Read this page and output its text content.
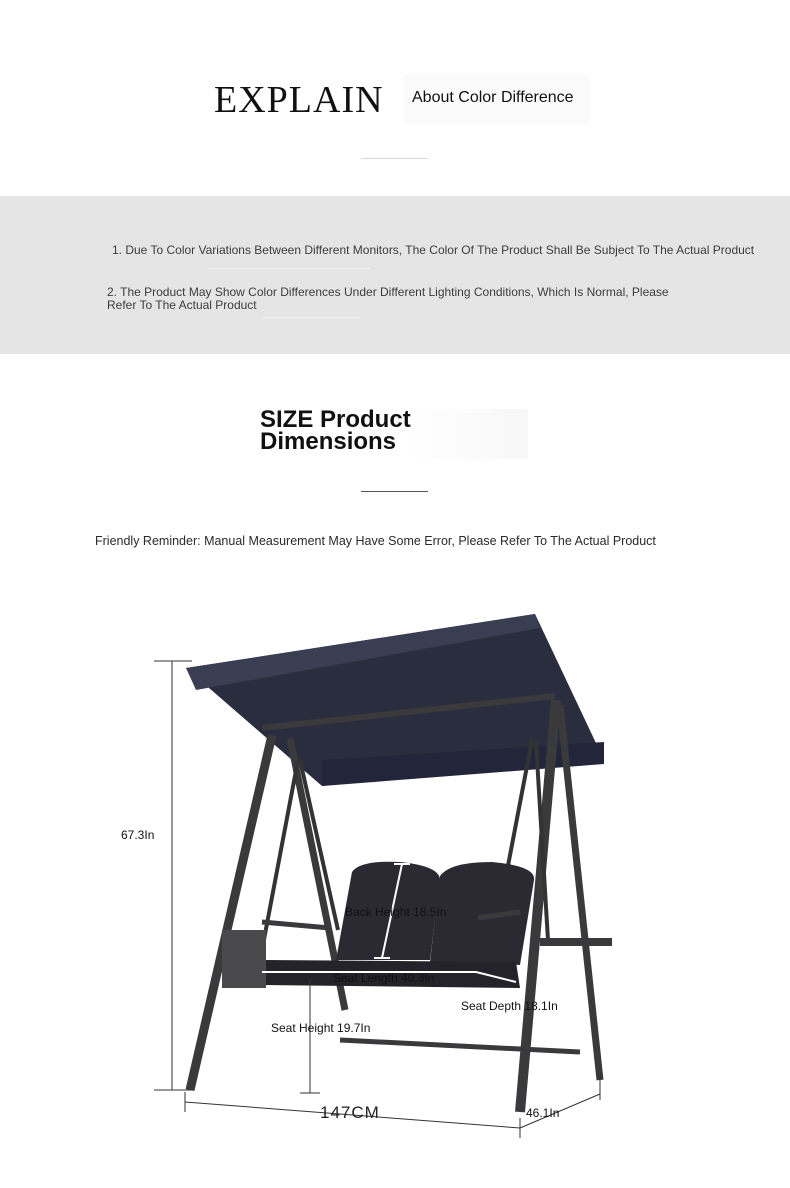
EXPLAIN	About Color Difference
1. Due To Color Variations Between Different Monitors, The Color Of The Product Shall Be Subject To The Actual Product
2. The Product May Show Color Differences Under Different Lighting Conditions, Which Is Normal, Please Refer To The Actual Product
SIZE Product Dimensions
Friendly Reminder: Manual Measurement May Have Some Error, Please Refer To The Actual Product
67.3In
Back Height 18.5In
Seat Length 40.3In
Seat Depth 18.1In
Seat Height 19.7In
147CM	46.1In
